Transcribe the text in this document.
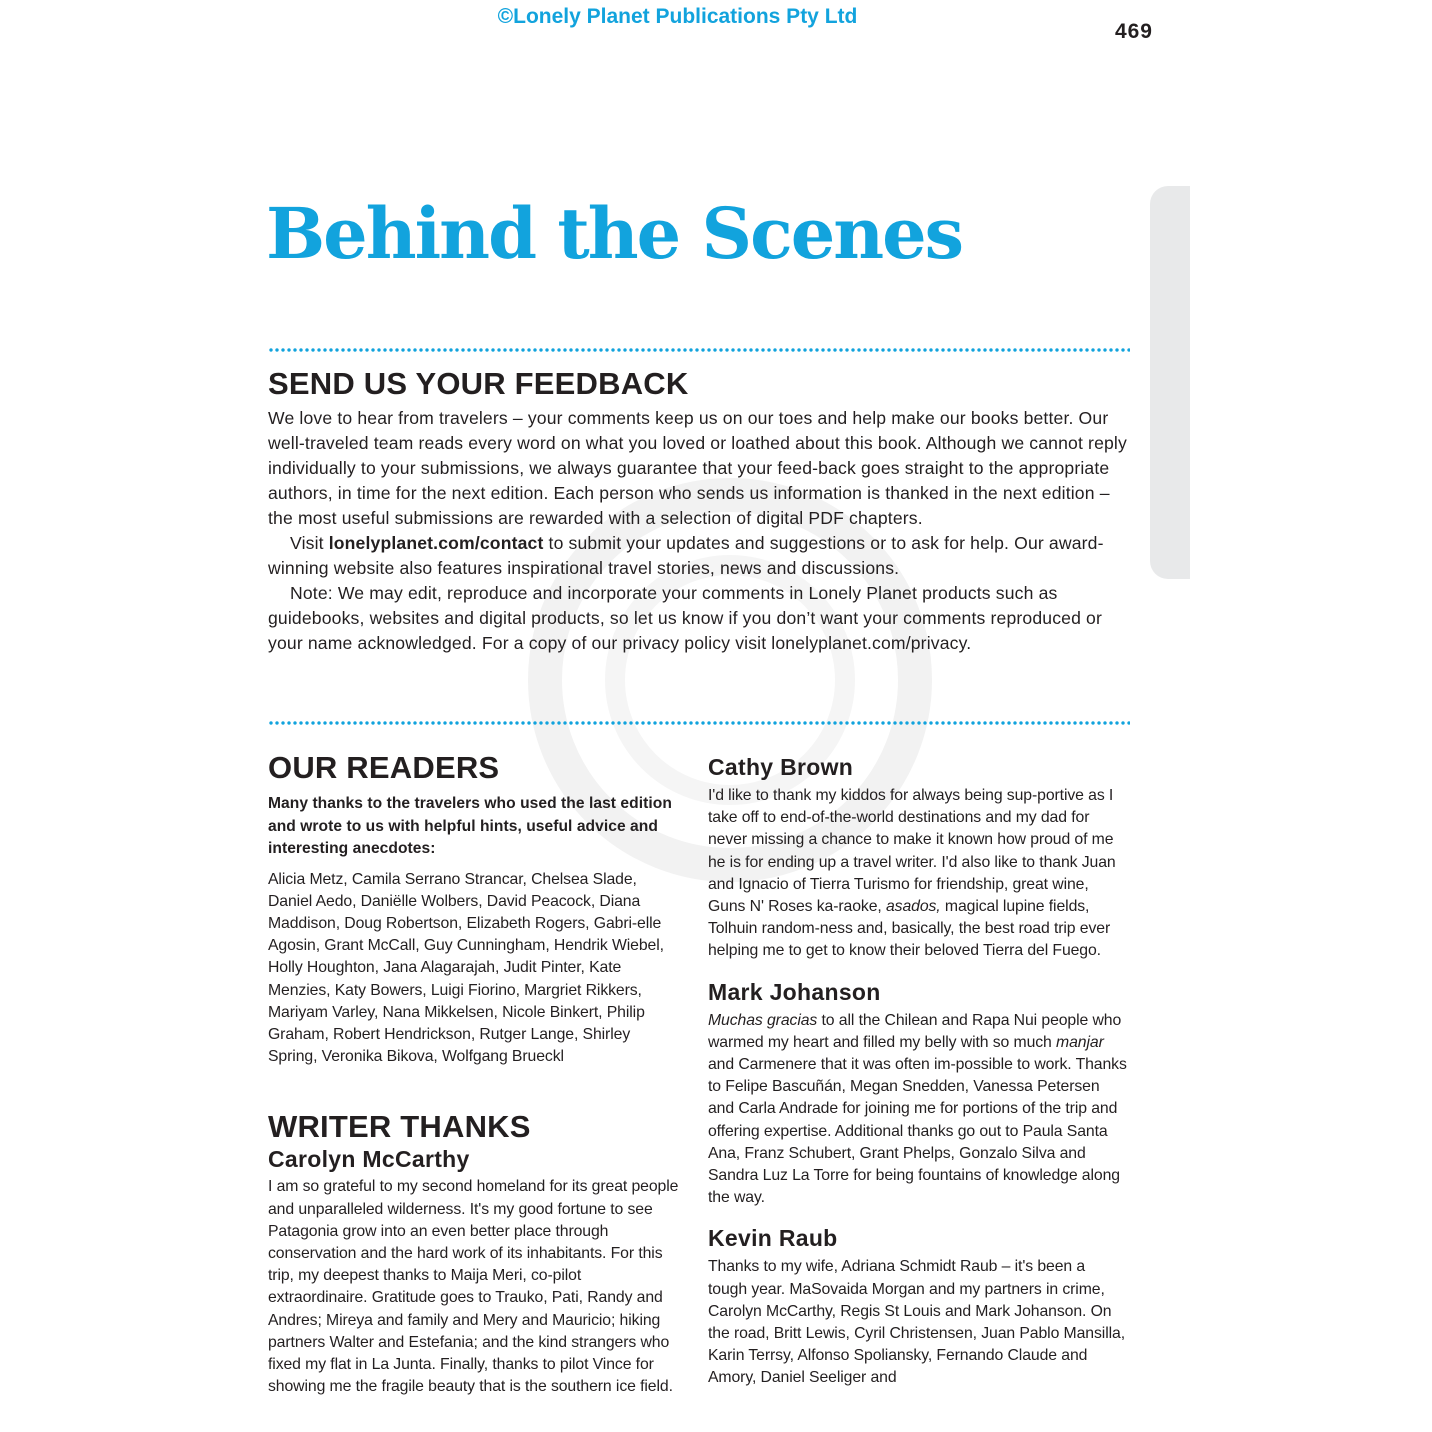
©Lonely Planet Publications Pty Ltd
469
Behind the Scenes
SEND US YOUR FEEDBACK

We love to hear from travelers – your comments keep us on our toes and help make our books better. Our well-traveled team reads every word on what you loved or loathed about this book. Although we cannot reply individually to your submissions, we always guarantee that your feed-back goes straight to the appropriate authors, in time for the next edition. Each person who sends us information is thanked in the next edition – the most useful submissions are rewarded with a selection of digital PDF chapters.

Visit lonelyplanet.com/contact to submit your updates and suggestions or to ask for help. Our award-winning website also features inspirational travel stories, news and discussions.

Note: We may edit, reproduce and incorporate your comments in Lonely Planet products such as guidebooks, websites and digital products, so let us know if you don’t want your comments reproduced or your name acknowledged. For a copy of our privacy policy visit lonelyplanet.com/privacy.

OUR READERS

Many thanks to the travelers who used the last edition and wrote to us with helpful hints, useful advice and interesting anecdotes:

Alicia Metz, Camila Serrano Strancar, Chelsea Slade, Daniel Aedo, Daniëlle Wolbers, David Peacock, Diana Maddison, Doug Robertson, Elizabeth Rogers, Gabri-elle Agosin, Grant McCall, Guy Cunningham, Hendrik Wiebel, Holly Houghton, Jana Alagarajah, Judit Pinter, Kate Menzies, Katy Bowers, Luigi Fiorino, Margriet Rikkers, Mariyam Varley, Nana Mikkelsen, Nicole Binkert, Philip Graham, Robert Hendrickson, Rutger Lange, Shirley Spring, Veronika Bikova, Wolfgang Brueckl

WRITER THANKS
Carolyn McCarthy

I am so grateful to my second homeland for its great people and unparalleled wilderness. It's my good fortune to see Patagonia grow into an even better place through conservation and the hard work of its inhabitants. For this trip, my deepest thanks to Maija Meri, co-pilot extraordinaire. Gratitude goes to Trauko, Pati, Randy and Andres; Mireya and family and Mery and Mauricio; hiking partners Walter and Estefania; and the kind strangers who fixed my flat in La Junta. Finally, thanks to pilot Vince for showing me the fragile beauty that is the southern ice field.

Cathy Brown

I'd like to thank my kiddos for always being sup-portive as I take off to end-of-the-world destinations and my dad for never missing a chance to make it known how proud of me he is for ending up a travel writer. I'd also like to thank Juan and Ignacio of Tierra Turismo for friendship, great wine, Guns N' Roses ka-raoke, asados, magical lupine fields, Tolhuin random-ness and, basically, the best road trip ever helping me to get to know their beloved Tierra del Fuego.

Mark Johanson

Muchas gracias to all the Chilean and Rapa Nui people who warmed my heart and filled my belly with so much manjar and Carmenere that it was often im-possible to work. Thanks to Felipe Bascuñán, Megan Snedden, Vanessa Petersen and Carla Andrade for joining me for portions of the trip and offering expertise. Additional thanks go out to Paula Santa Ana, Franz Schubert, Grant Phelps, Gonzalo Silva and Sandra Luz La Torre for being fountains of knowledge along the way.

Kevin Raub

Thanks to my wife, Adriana Schmidt Raub – it's been a tough year. MaSovaida Morgan and my partners in crime, Carolyn McCarthy, Regis St Louis and Mark Johanson. On the road, Britt Lewis, Cyril Christensen, Juan Pablo Mansilla, Karin Terrsy, Alfonso Spoliansky, Fernando Claude and Amory, Daniel Seeliger and
